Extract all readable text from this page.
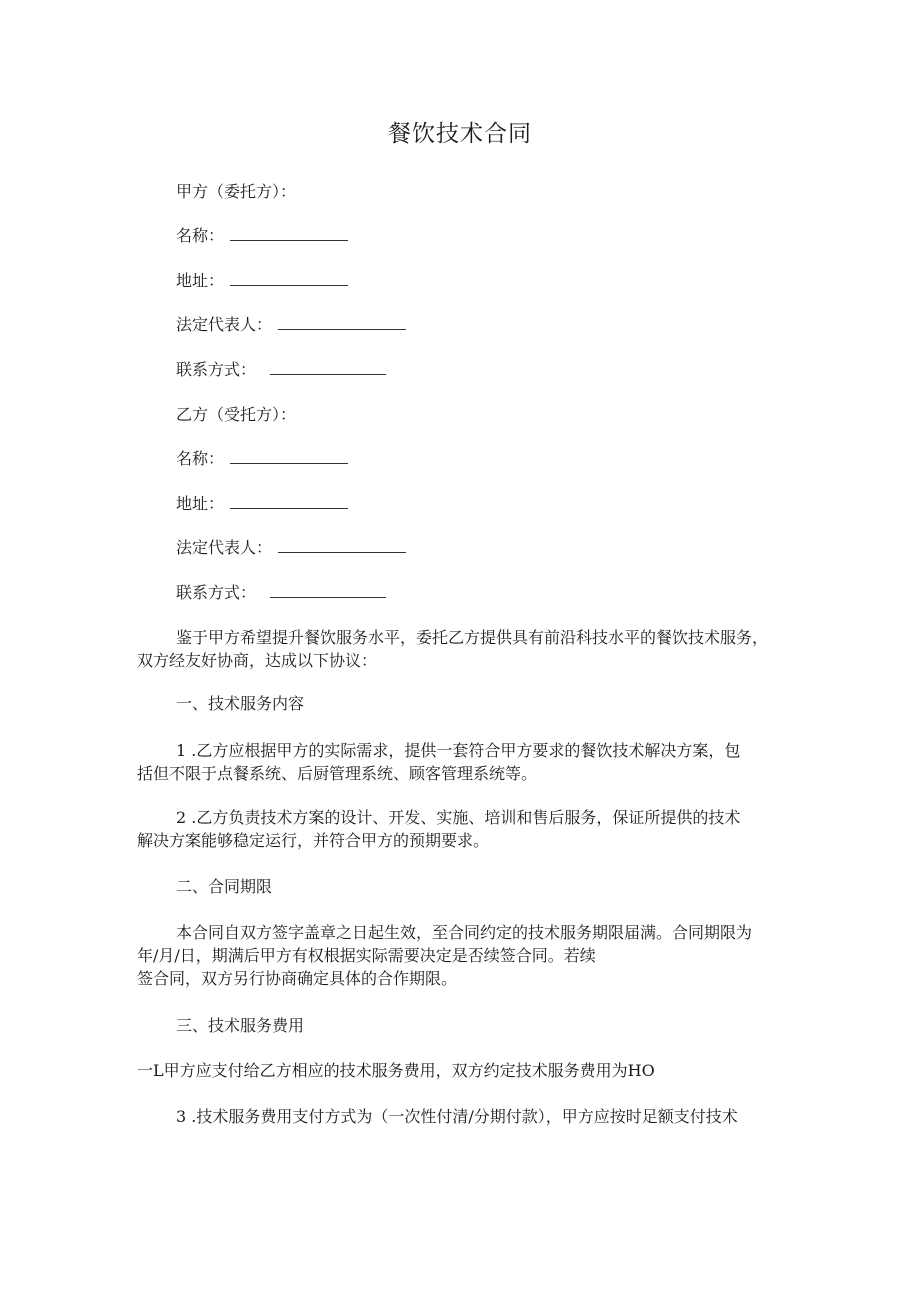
餐饮技术合同
甲方（委托方）：
名称：
地址：
法定代表人：
联系方式：
乙方（受托方）：
名称：
地址：
法定代表人：
联系方式：
鉴于甲方希望提升餐饮服务水平，委托乙方提供具有前沿科技水平的餐饮技术服务，
双方经友好协商，达成以下协议：
一、技术服务内容
1 .乙方应根据甲方的实际需求，提供一套符合甲方要求的餐饮技术解决方案，包
括但不限于点餐系统、后厨管理系统、顾客管理系统等。
2 .乙方负责技术方案的设计、开发、实施、培训和售后服务，保证所提供的技术
解决方案能够稳定运行，并符合甲方的预期要求。
二、合同期限
本合同自双方签字盖章之日起生效，至合同约定的技术服务期限届满。合同期限为
年/月/日，期满后甲方有权根据实际需要决定是否续签合同。若续
签合同，双方另行协商确定具体的合作期限。
三、技术服务费用
一L甲方应支付给乙方相应的技术服务费用，双方约定技术服务费用为HO
3 .技术服务费用支付方式为（一次性付清/分期付款），甲方应按时足额支付技术
